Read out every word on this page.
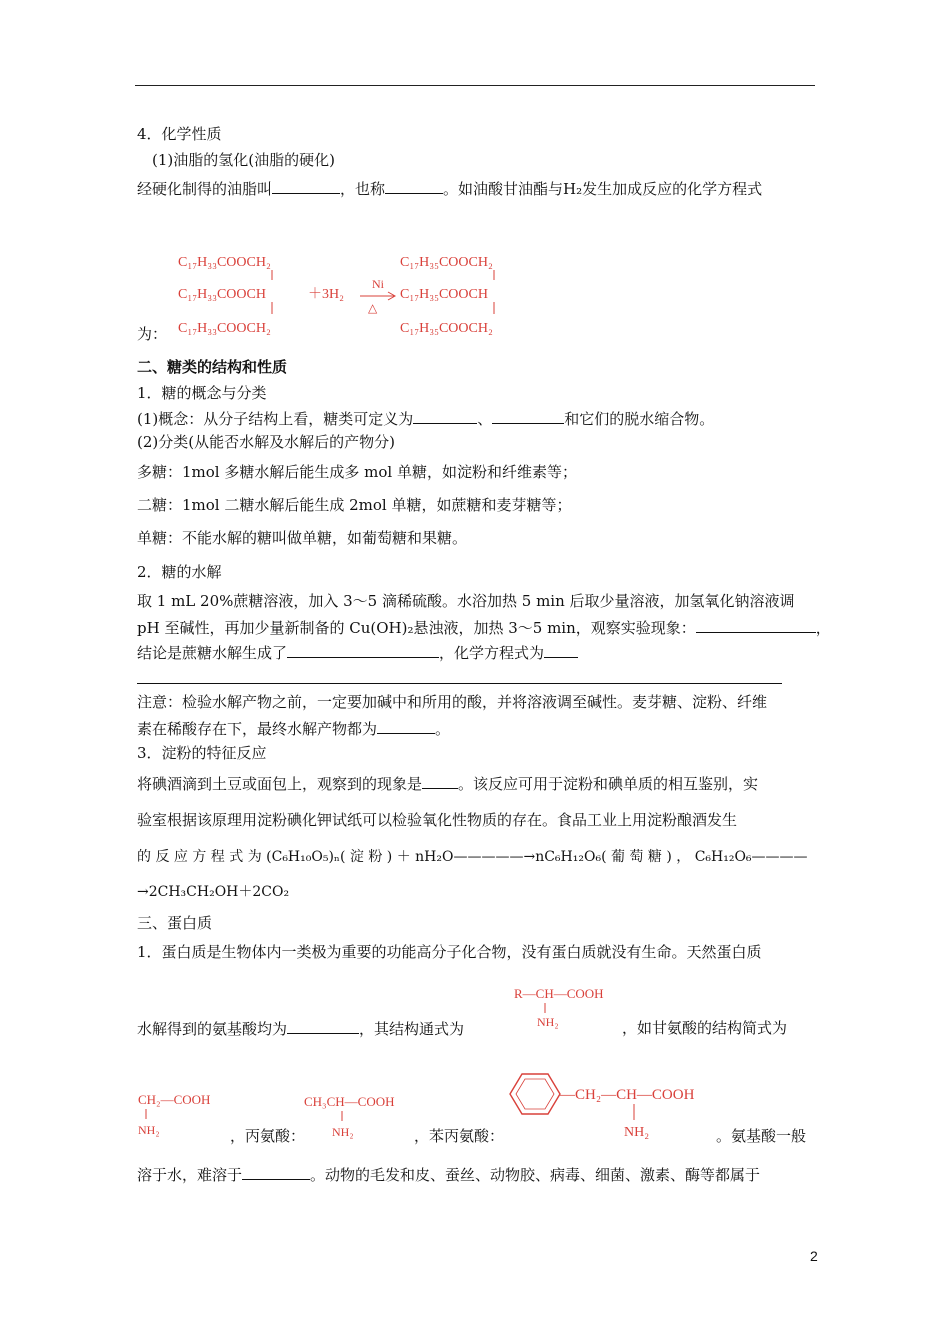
4．化学性质
(1)油脂的氢化(油脂的硬化)
经硬化制得的油脂叫	，也称	。如油酸甘油酯与H₂发生加成反应的化学方程式
C₁₇H₃₃COOCH₂
C₁₇H₃₃COOCH
C₁₇H₃₃COOCH₂
＋3H₂
Ni
△
C₁₇H₃₅COOCH₂
C₁₇H₃₅COOCH
C₁₇H₃₅COOCH₂
为：
二、糖类的结构和性质
1．糖的概念与分类
(1)概念：从分子结构上看，糖类可定义为	、	和它们的脱水缩合物。
(2)分类(从能否水解及水解后的产物分)
多糖：1mol 多糖水解后能生成多 mol 单糖，如淀粉和纤维素等；
二糖：1mol 二糖水解后能生成 2mol 单糖，如蔗糖和麦芽糖等；
单糖：不能水解的糖叫做单糖，如葡萄糖和果糖。
2．糖的水解
取 1 mL 20%蔗糖溶液，加入 3～5 滴稀硫酸。水浴加热 5 min 后取少量溶液，加氢氧化钠溶液调
pH 至碱性，再加少量新制备的 Cu(OH)₂悬浊液，加热 3～5 min，观察实验现象：	，
结论是蔗糖水解生成了	，化学方程式为
注意：检验水解产物之前，一定要加碱中和所用的酸，并将溶液调至碱性。麦芽糖、淀粉、纤维
素在稀酸存在下，最终水解产物都为	。
3．淀粉的特征反应
将碘酒滴到土豆或面包上，观察到的现象是 。该反应可用于淀粉和碘单质的相互鉴别，实
验室根据该原理用淀粉碘化钾试纸可以检验氧化性物质的存在。食品工业上用淀粉酿酒发生
的 反 应 方 程 式 为 (C₆H₁₀O₅)ₙ( 淀 粉 ) ＋ nH₂O—————→nC₆H₁₂O₆( 葡 萄 糖 ) ， C₆H₁₂O₆————
→2CH₃CH₂OH＋2CO₂
三、蛋白质
1．蛋白质是生物体内一类极为重要的功能高分子化合物，没有蛋白质就没有生命。天然蛋白质
R—CH—COOH
NH₂
水解得到的氨基酸均为	，其结构通式为	，如甘氨酸的结构简式为
CH₂—COOH
NH₂
CH₃CH—COOH
NH₂
—CH₂—CH—COOH
NH₂
，丙氨酸：	，苯丙氨酸：	。氨基酸一般
溶于水，难溶于	。动物的毛发和皮、蚕丝、动物胶、病毒、细菌、激素、酶等都属于
2
